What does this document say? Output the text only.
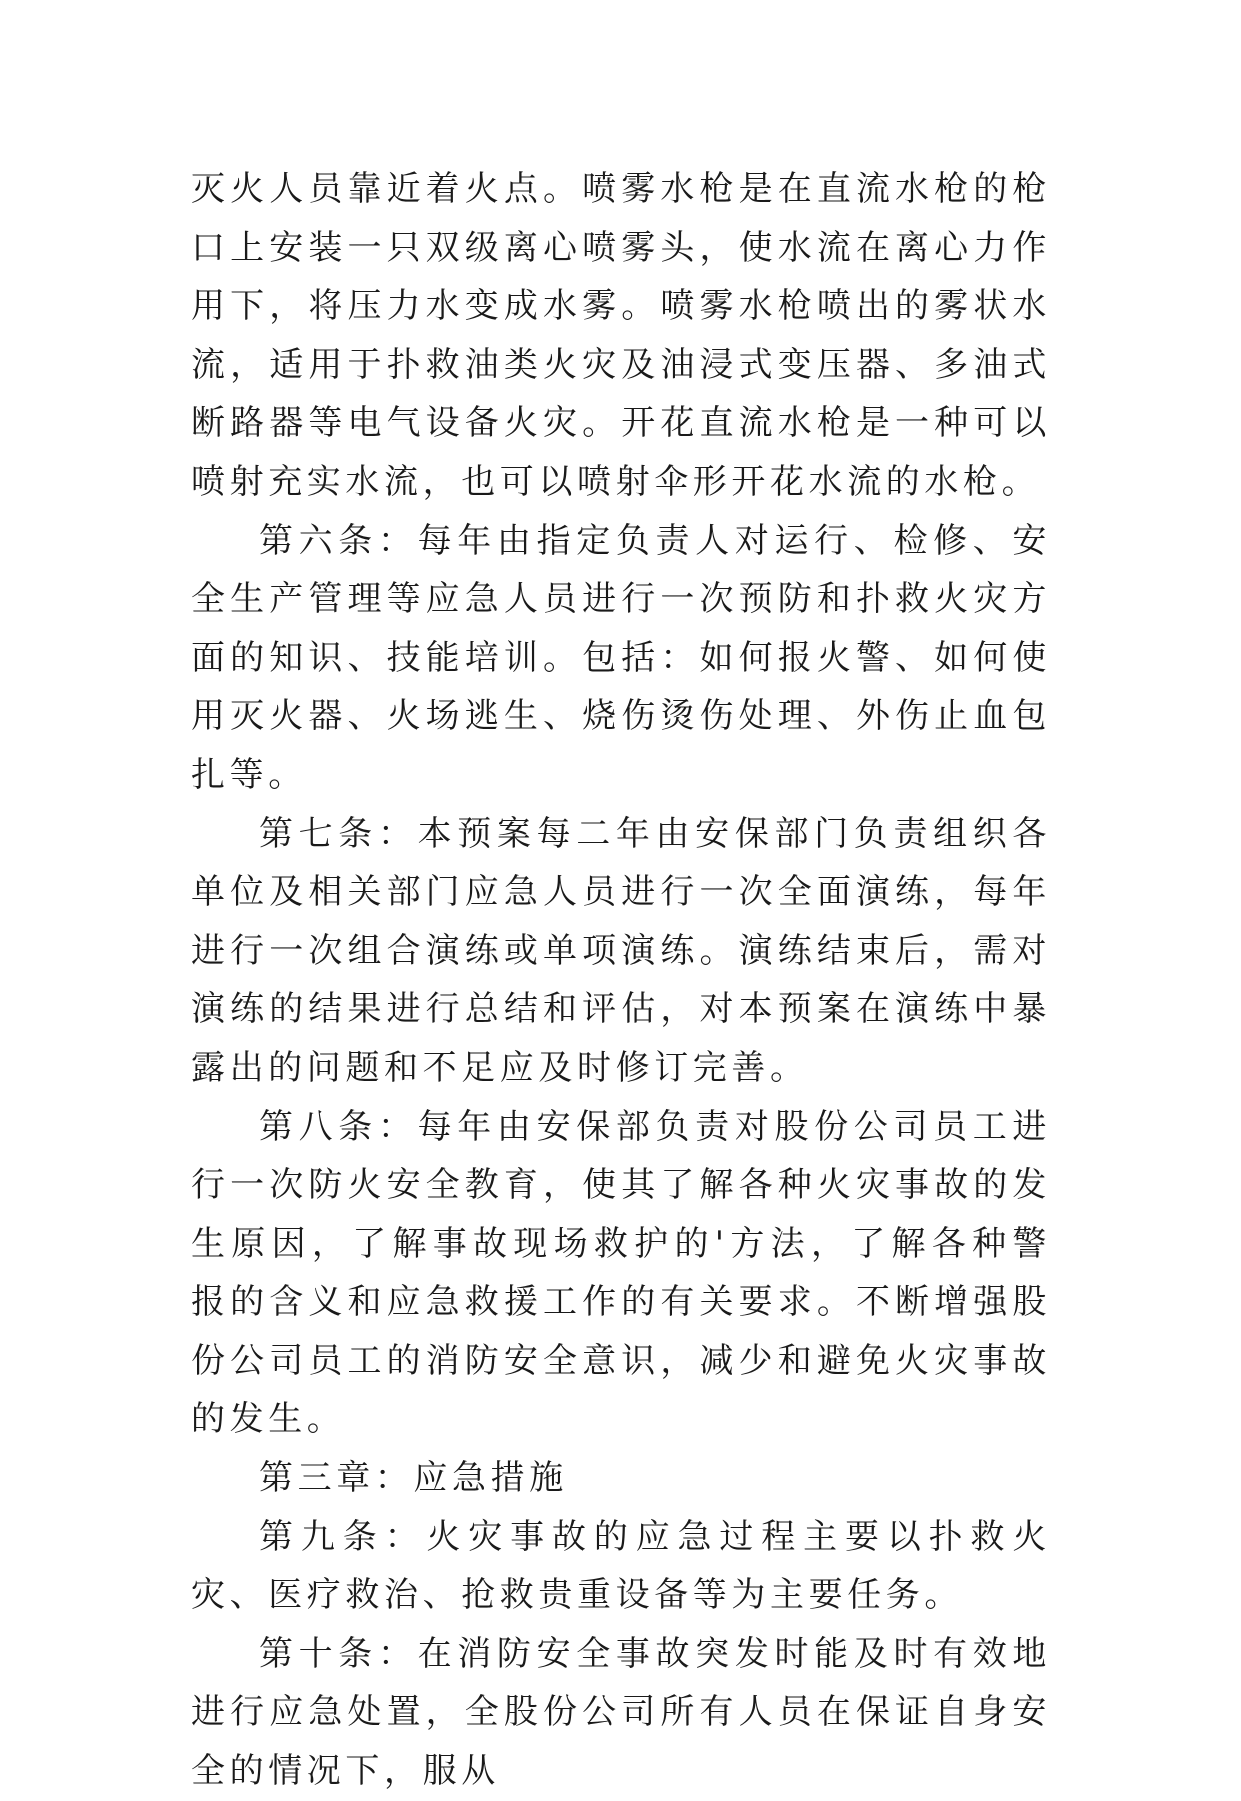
灭火人员靠近着火点。喷雾水枪是在直流水枪的枪口上安装一只双级离心喷雾头，使水流在离心力作用下，将压力水变成水雾。喷雾水枪喷出的雾状水流，适用于扑救油类火灾及油浸式变压器、多油式断路器等电气设备火灾。开花直流水枪是一种可以喷射充实水流，也可以喷射伞形开花水流的水枪。

第六条：每年由指定负责人对运行、检修、安全生产管理等应急人员进行一次预防和扑救火灾方面的知识、技能培训。包括：如何报火警、如何使用灭火器、火场逃生、烧伤烫伤处理、外伤止血包扎等。

第七条：本预案每二年由安保部门负责组织各单位及相关部门应急人员进行一次全面演练，每年进行一次组合演练或单项演练。演练结束后，需对演练的结果进行总结和评估，对本预案在演练中暴露出的问题和不足应及时修订完善。

第八条：每年由安保部负责对股份公司员工进行一次防火安全教育，使其了解各种火灾事故的发生原因，了解事故现场救护的'方法，了解各种警报的含义和应急救援工作的有关要求。不断增强股份公司员工的消防安全意识，减少和避免火灾事故的发生。

第三章：应急措施

第九条：火灾事故的应急过程主要以扑救火灾、医疗救治、抢救贵重设备等为主要任务。

第十条：在消防安全事故突发时能及时有效地进行应急处置，全股份公司所有人员在保证自身安全的情况下，服从
